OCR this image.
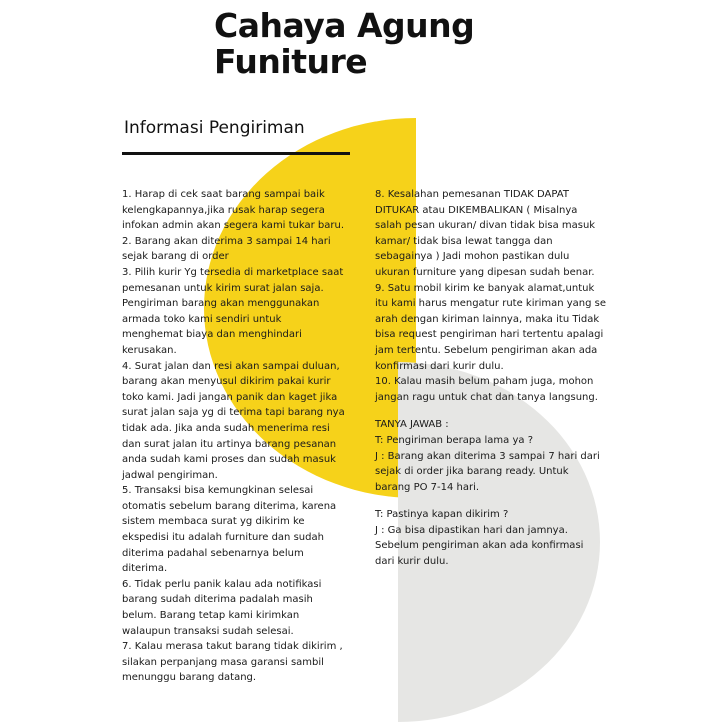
Cahaya Agung
Funiture
Informasi Pengiriman
1. Harap di cek saat barang sampai baik
kelengkapannya,jika rusak harap segera
infokan admin akan segera kami tukar baru.
2. Barang akan diterima 3 sampai 14 hari
sejak barang di order
3. Pilih kurir Yg tersedia di marketplace saat
pemesanan untuk kirim surat jalan saja.
Pengiriman barang akan menggunakan
armada toko kami sendiri untuk
menghemat biaya dan menghindari
kerusakan.
4. Surat jalan dan resi akan sampai duluan,
barang akan menyusul dikirim pakai kurir
toko kami. Jadi jangan panik dan kaget jika
surat jalan saja yg di terima tapi barang nya
tidak ada. Jika anda sudah menerima resi
dan surat jalan itu artinya barang pesanan
anda sudah kami proses dan sudah masuk
jadwal pengiriman.
5. Transaksi bisa kemungkinan selesai
otomatis sebelum barang diterima, karena
sistem membaca surat yg dikirim ke
ekspedisi itu adalah furniture dan sudah
diterima padahal sebenarnya belum
diterima.
6. Tidak perlu panik kalau ada notifikasi
barang sudah diterima padalah masih
belum. Barang tetap kami kirimkan
walaupun transaksi sudah selesai.
7. Kalau merasa takut barang tidak dikirim ,
silakan perpanjang masa garansi sambil
menunggu barang datang.
8. Kesalahan pemesanan TIDAK DAPAT
DITUKAR atau DIKEMBALIKAN ( Misalnya
salah pesan ukuran/ divan tidak bisa masuk
kamar/ tidak bisa lewat tangga dan
sebagainya ) Jadi mohon pastikan dulu
ukuran furniture yang dipesan sudah benar.
9. Satu mobil kirim ke banyak alamat,untuk
itu kami harus mengatur rute kiriman yang se
arah dengan kiriman lainnya, maka itu Tidak
bisa request pengiriman hari tertentu apalagi
jam tertentu. Sebelum pengiriman akan ada
konfirmasi dari kurir dulu.
10. Kalau masih belum paham juga, mohon
jangan ragu untuk chat dan tanya langsung.
TANYA JAWAB :
T: Pengiriman berapa lama ya ?
J : Barang akan diterima 3 sampai 7 hari dari
sejak di order jika barang ready. Untuk
barang PO 7-14 hari.
T: Pastinya kapan dikirim ?
J : Ga bisa dipastikan hari dan jamnya.
Sebelum pengiriman akan ada konfirmasi
dari kurir dulu.
